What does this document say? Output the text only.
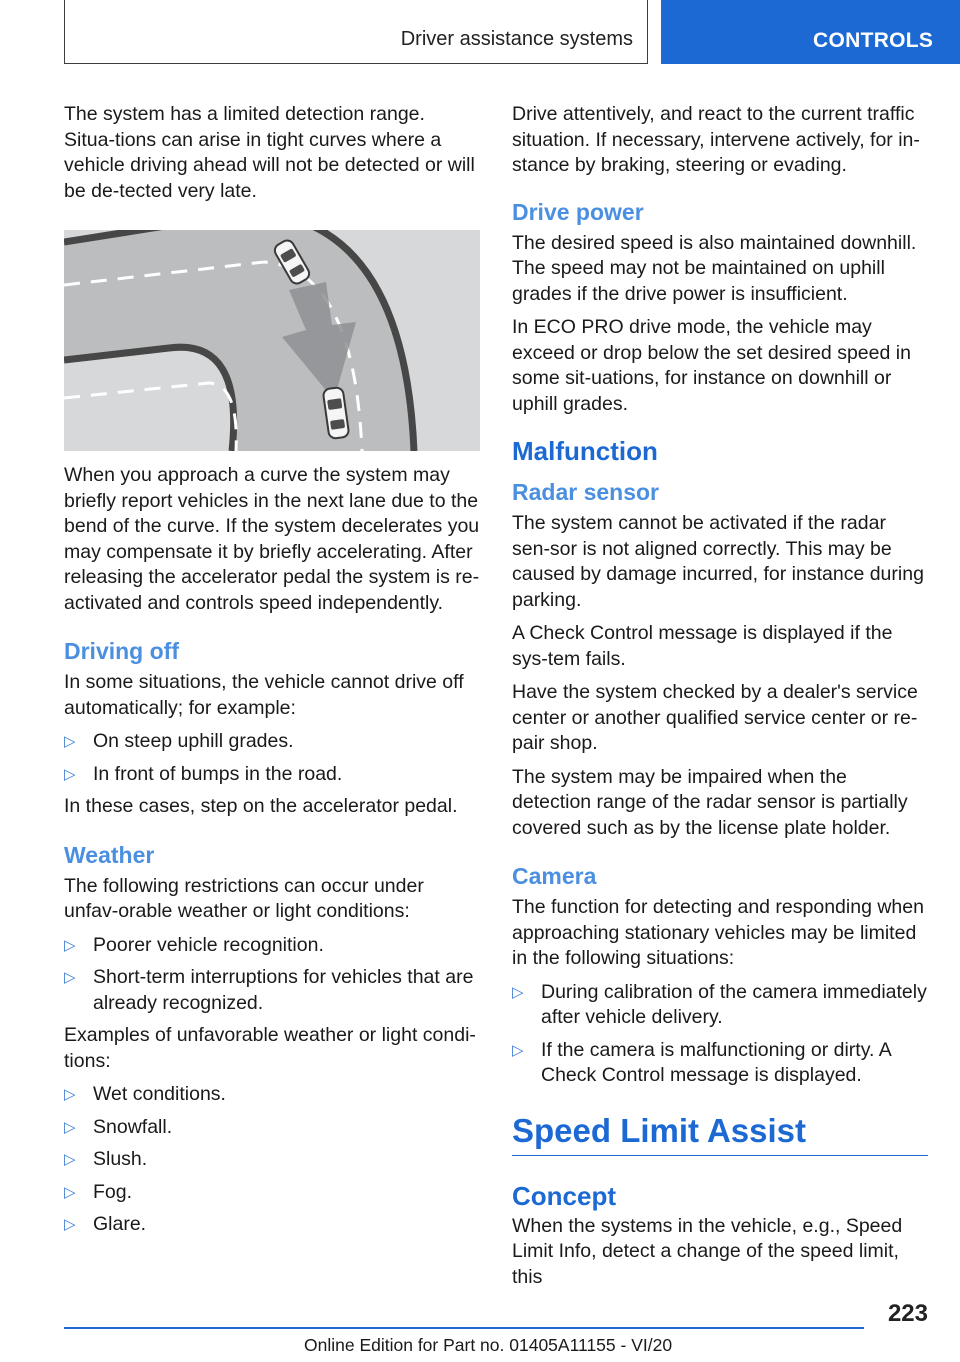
Driver assistance systems	CONTROLS

The system has a limited detection range. Situa-tions can arise in tight curves where a vehicle driving ahead will not be detected or will be de-tected very late.

When you approach a curve the system may briefly report vehicles in the next lane due to the bend of the curve. If the system decelerates you may compensate it by briefly accelerating. After releasing the accelerator pedal the system is re-activated and controls speed independently.

Driving off

In some situations, the vehicle cannot drive off automatically; for example:

▷ On steep uphill grades.
▷ In front of bumps in the road.

In these cases, step on the accelerator pedal.

Weather

The following restrictions can occur under unfav-orable weather or light conditions:

▷ Poorer vehicle recognition.
▷ Short-term interruptions for vehicles that are already recognized.

Examples of unfavorable weather or light condi-tions:

▷ Wet conditions.
▷ Snowfall.
▷ Slush.
▷ Fog.
▷ Glare.

Drive attentively, and react to the current traffic situation. If necessary, intervene actively, for in-stance by braking, steering or evading.

Drive power

The desired speed is also maintained downhill. The speed may not be maintained on uphill grades if the drive power is insufficient.

In ECO PRO drive mode, the vehicle may exceed or drop below the set desired speed in some sit-uations, for instance on downhill or uphill grades.

Malfunction
Radar sensor

The system cannot be activated if the radar sen-sor is not aligned correctly. This may be caused by damage incurred, for instance during parking.

A Check Control message is displayed if the sys-tem fails.

Have the system checked by a dealer's service center or another qualified service center or re-pair shop.

The system may be impaired when the detection range of the radar sensor is partially covered such as by the license plate holder.

Camera

The function for detecting and responding when approaching stationary vehicles may be limited in the following situations:

▷ During calibration of the camera immediately after vehicle delivery.
▷ If the camera is malfunctioning or dirty. A Check Control message is displayed.
Speed Limit Assist
Concept

When the systems in the vehicle, e.g., Speed Limit Info, detect a change of the speed limit, this

223
Online Edition for Part no. 01405A11155 - VI/20
